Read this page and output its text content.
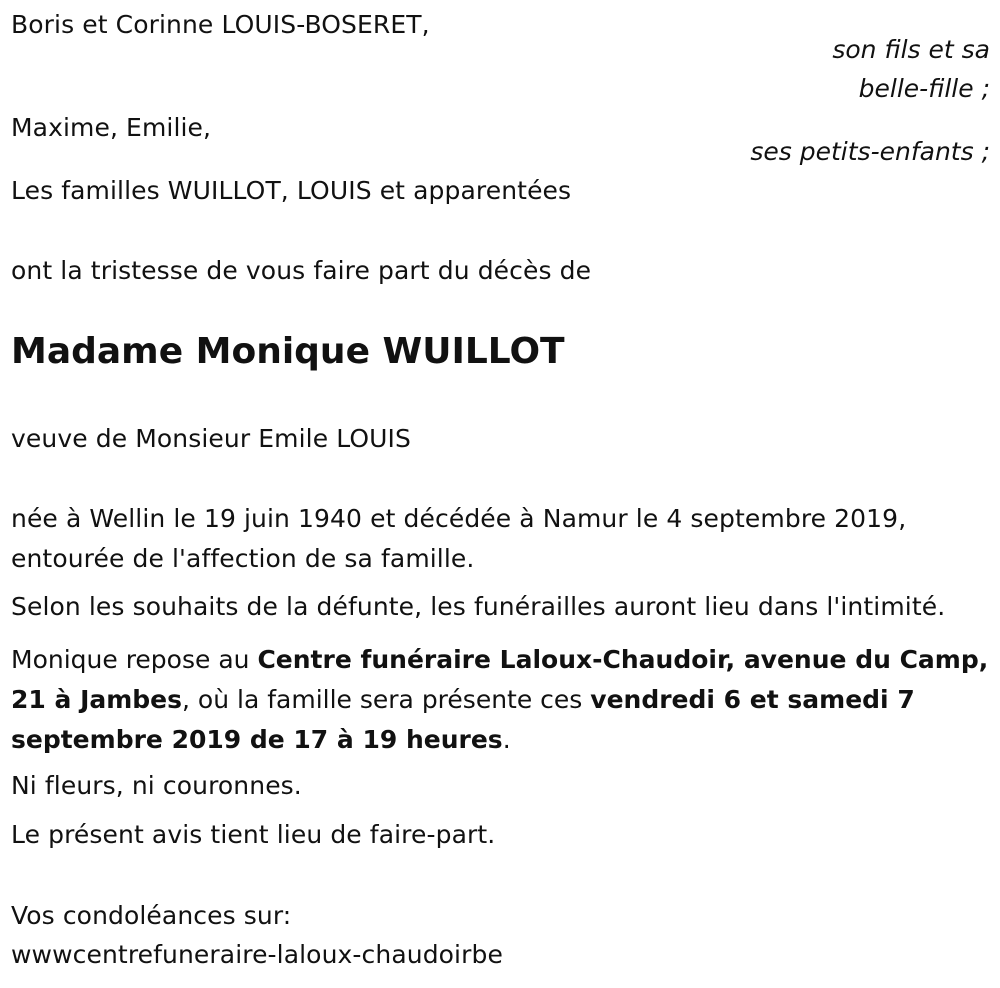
Boris et Corinne LOUIS-BOSERET,
son fils et sa
belle-fille ;
Maxime, Emilie,
ses petits-enfants ;
Les familles WUILLOT, LOUIS et apparentées
ont la tristesse de vous faire part du décès de
Madame Monique WUILLOT
veuve de Monsieur Emile LOUIS
née à Wellin le 19 juin 1940 et décédée à Namur le 4 septembre 2019,
entourée de l'affection de sa famille.
Selon les souhaits de la défunte, les funérailles auront lieu dans l'intimité.
Monique repose au Centre funéraire Laloux-Chaudoir, avenue du Camp, 21 à Jambes, où la famille sera présente ces vendredi 6 et samedi 7 septembre 2019 de 17 à 19 heures.
Ni fleurs, ni couronnes.
Le présent avis tient lieu de faire-part.
Vos condoléances sur:
wwwcentrefuneraire-laloux-chaudoirbe
